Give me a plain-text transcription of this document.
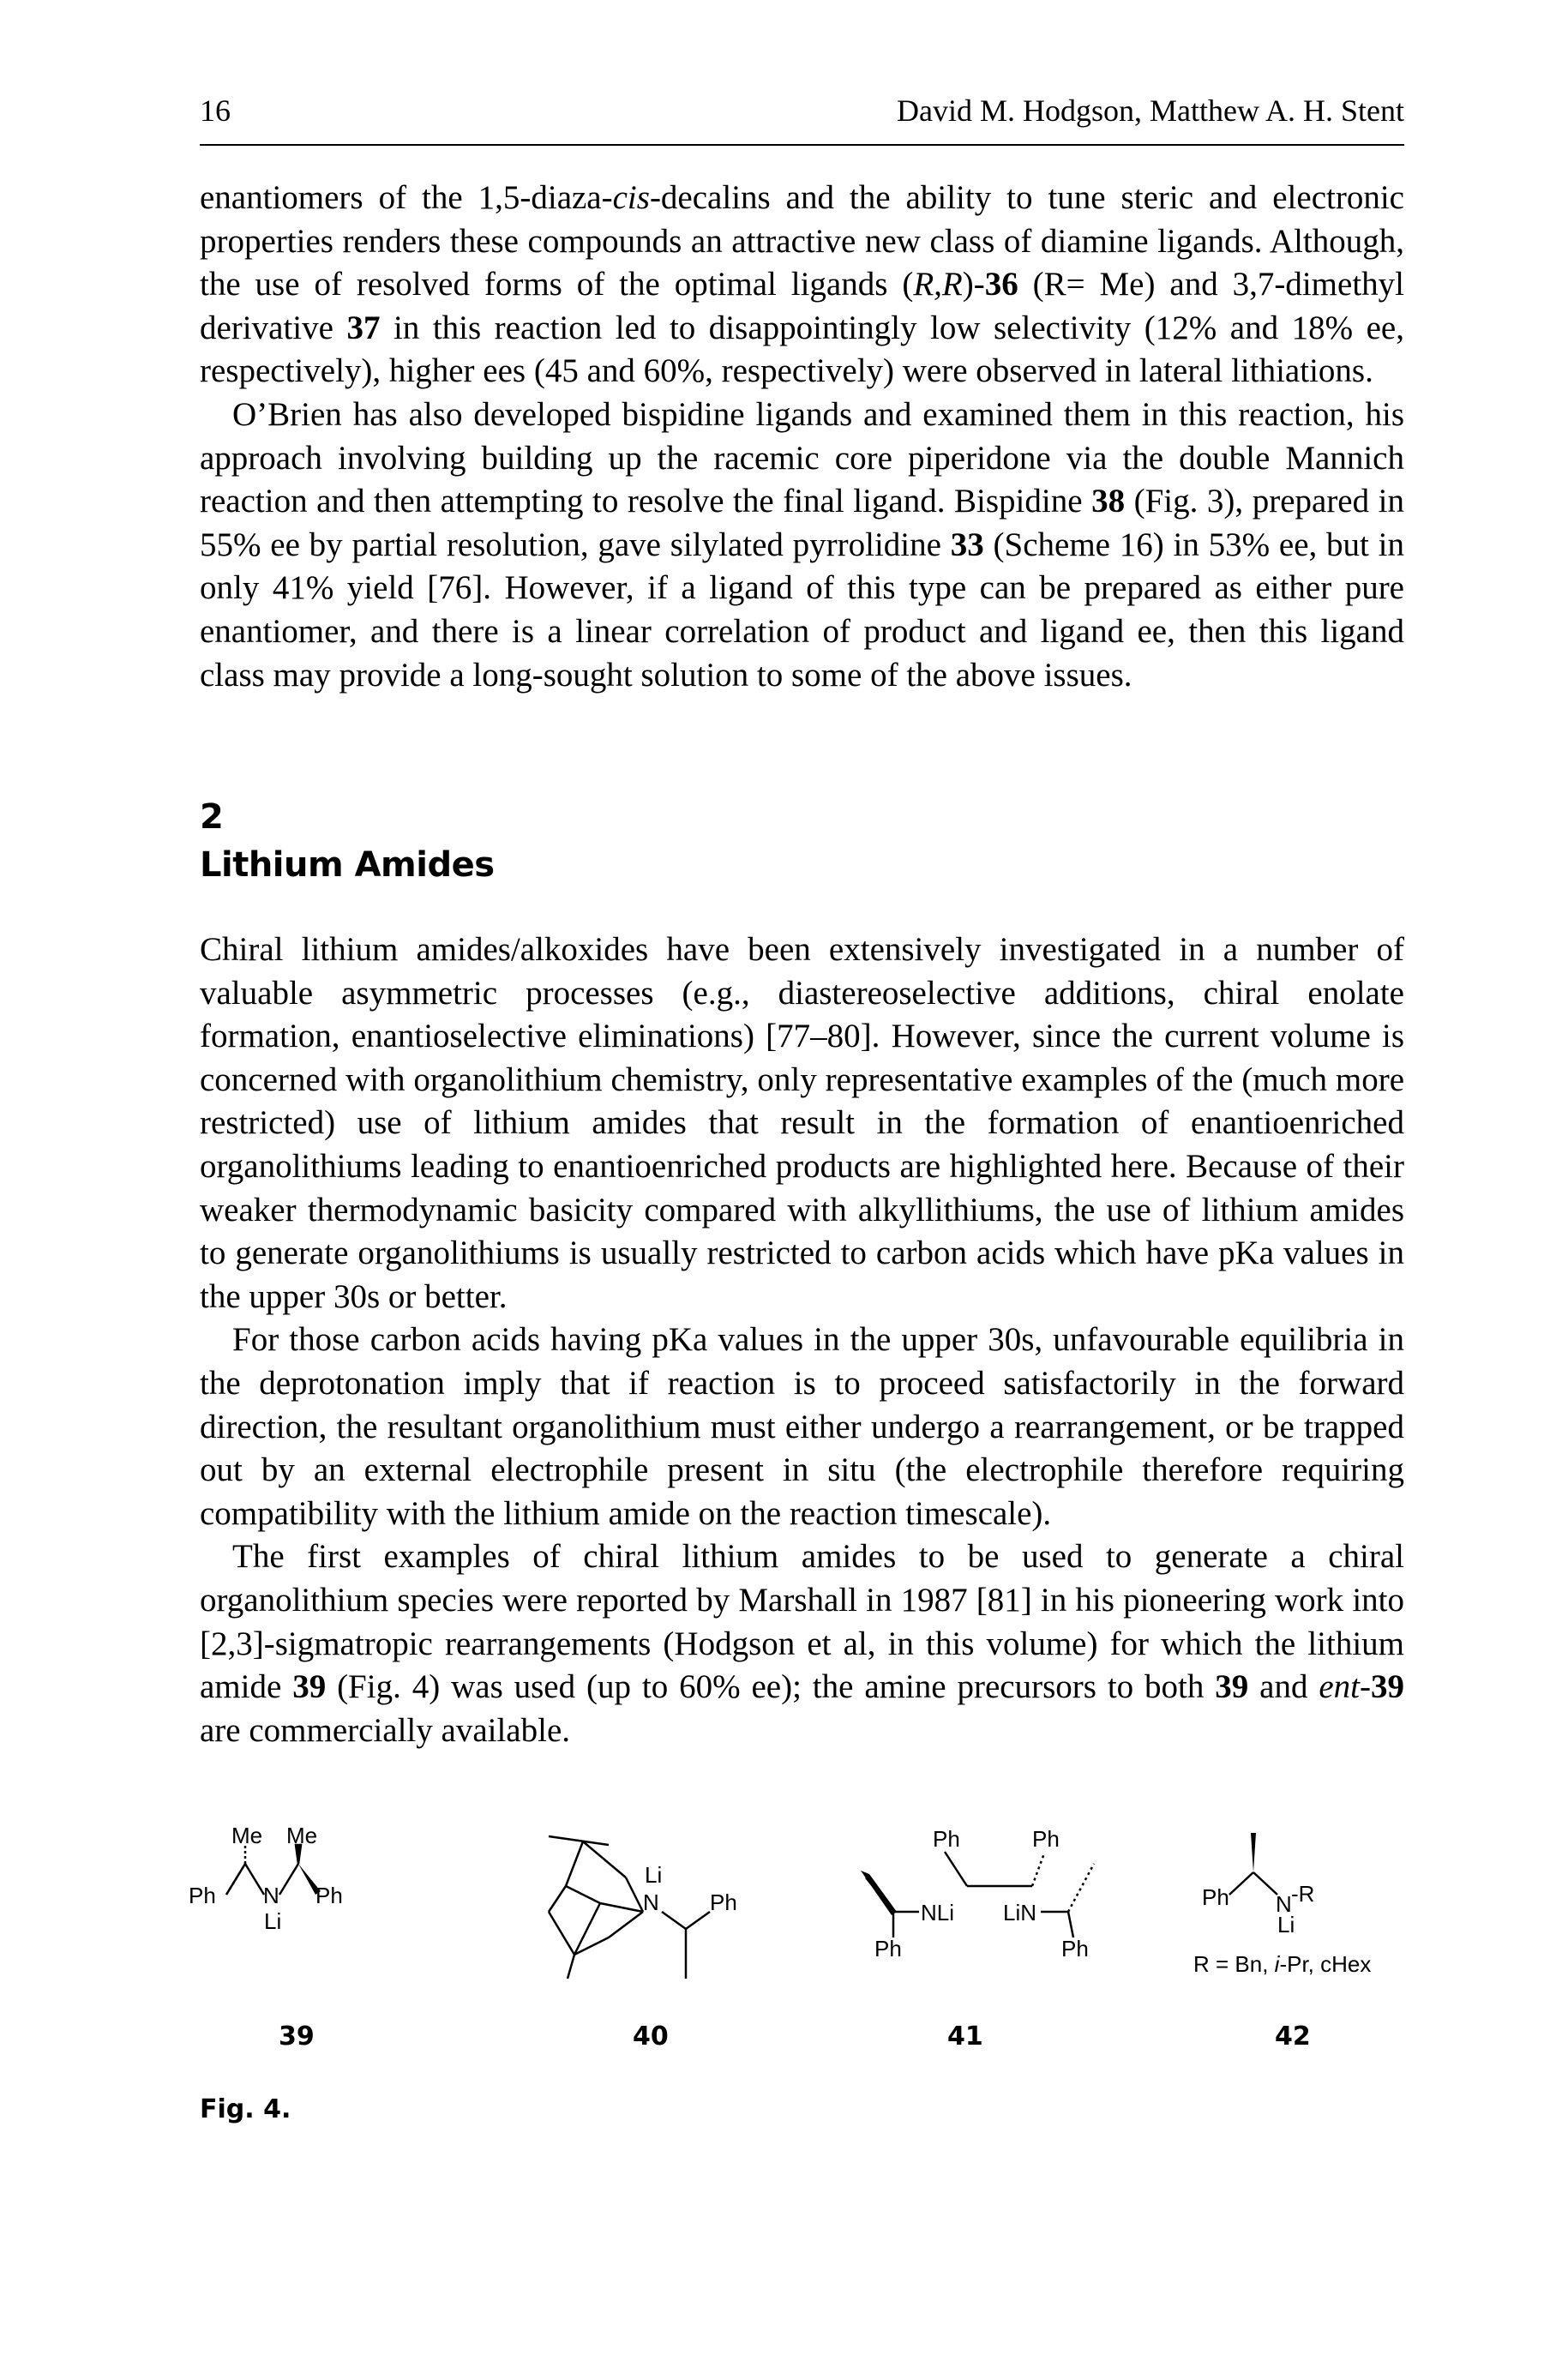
16	David M. Hodgson, Matthew A. H. Stent

enantiomers of the 1,5-diaza-cis-decalins and the ability to tune steric and electronic properties renders these compounds an attractive new class of diamine ligands. Although, the use of resolved forms of the optimal ligands (R,R)-36 (R= Me) and 3,7-dimethyl derivative 37 in this reaction led to disappointingly low selectivity (12% and 18% ee, respectively), higher ees (45 and 60%, respectively) were observed in lateral lithiations.

O’Brien has also developed bispidine ligands and examined them in this reaction, his approach involving building up the racemic core piperidone via the double Mannich reaction and then attempting to resolve the final ligand. Bispidine 38 (Fig. 3), prepared in 55% ee by partial resolution, gave silylated pyrrolidine 33 (Scheme 16) in 53% ee, but in only 41% yield [76]. However, if a ligand of this type can be prepared as either pure enantiomer, and there is a linear correlation of product and ligand ee, then this ligand class may provide a long-sought solution to some of the above issues.

2
Lithium Amides

Chiral lithium amides/alkoxides have been extensively investigated in a number of valuable asymmetric processes (e.g., diastereoselective additions, chiral enolate formation, enantioselective eliminations) [77–80]. However, since the current volume is concerned with organolithium chemistry, only representative examples of the (much more restricted) use of lithium amides that result in the formation of enantioenriched organolithiums leading to enantioenriched products are highlighted here. Because of their weaker thermodynamic basicity compared with alkyllithiums, the use of lithium amides to generate organolithiums is usually restricted to carbon acids which have pKa values in the upper 30s or better.

For those carbon acids having pKa values in the upper 30s, unfavourable equilibria in the deprotonation imply that if reaction is to proceed satisfactorily in the forward direction, the resultant organolithium must either undergo a rearrangement, or be trapped out by an external electrophile present in situ (the electrophile therefore requiring compatibility with the lithium amide on the reaction timescale).

The first examples of chiral lithium amides to be used to generate a chiral organolithium species were reported by Marshall in 1987 [81] in his pioneering work into [2,3]-sigmatropic rearrangements (Hodgson et al, in this volume) for which the lithium amide 39 (Fig. 4) was used (up to 60% ee); the amine precursors to both 39 and ent-39 are commercially available.

Me Me
Ph N Ph
Li
Li
N Ph
Ph	Ph
NLi LiN
Ph	Ph
Ph N -R
Li
R = Bn, i-Pr, cHex
39	40	41	42
Fig. 4.
